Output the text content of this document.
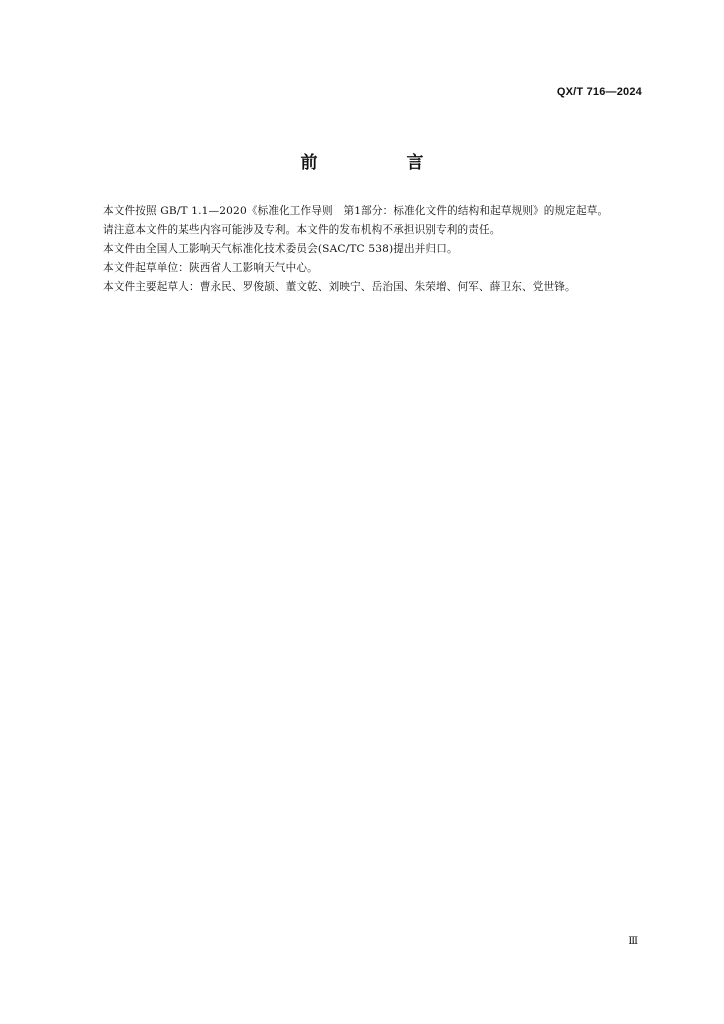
QX/T 716—2024
前　言

本文件按照 GB/T 1.1—2020《标准化工作导则　第1部分：标准化文件的结构和起草规则》的规定起草。

请注意本文件的某些内容可能涉及专利。本文件的发布机构不承担识别专利的责任。

本文件由全国人工影响天气标准化技术委员会(SAC/TC 538)提出并归口。

本文件起草单位：陕西省人工影响天气中心。

本文件主要起草人：曹永民、罗俊颉、董文乾、刘映宁、岳治国、朱荣增、何军、薛卫东、党世锋。

Ⅲ
